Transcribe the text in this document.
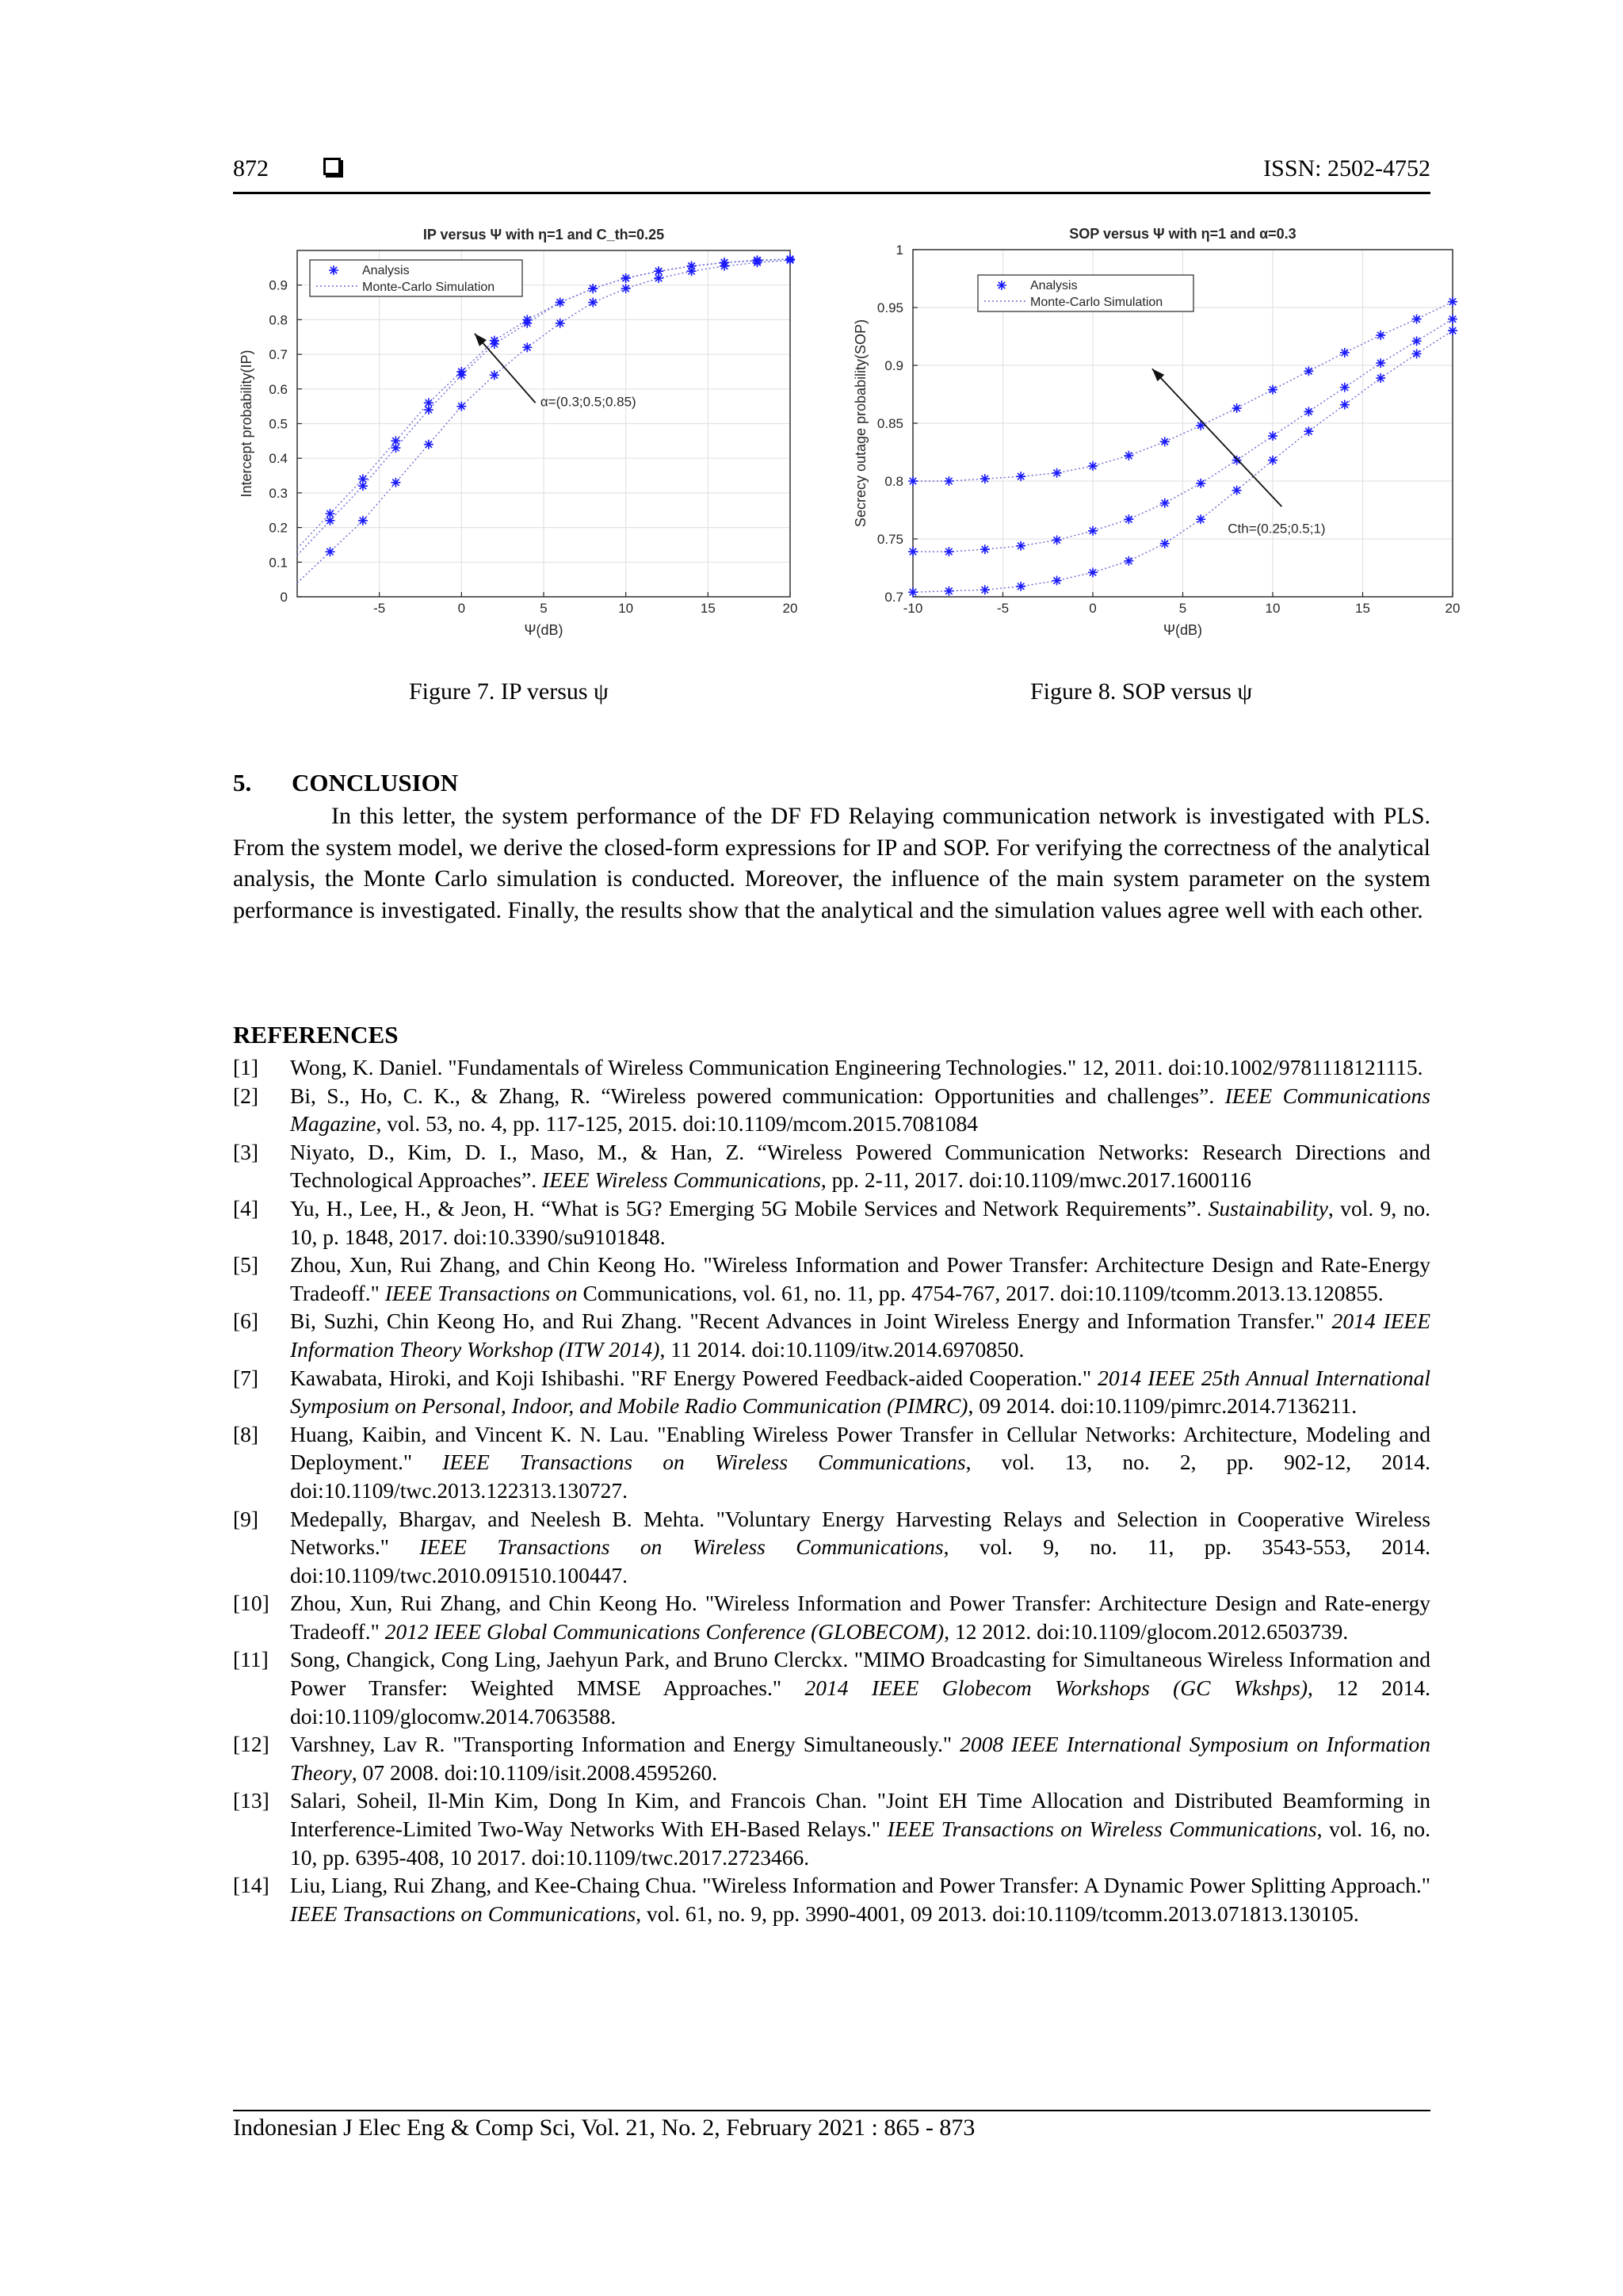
872	ISSN: 2502-4752
-5	0	5	10	15	20
0
0.1
0.2
0.3
0.4
0.5
0.6
0.7
0.8
0.9
Ψ(dB)
Intercept probability(IP)
IP versus Ψ with η=1 and C_th=0.25
Analysis
Monte-Carlo Simulation
α=(0.3;0.5;0.85)
-10	-5	0	5	10	15	20
0.7
0.75
0.8
0.85
0.9
0.95
1
Ψ(dB)
Secrecy outage probability(SOP)
SOP versus Ψ with η=1 and α=0.3
Analysis
Monte-Carlo Simulation
Cth=(0.25;0.5;1)
Figure 7. IP versus ψ	Figure 8. SOP versus ψ
5. CONCLUSION
In this letter, the system performance of the DF FD Relaying communication network is investigated with PLS. From the system model, we derive the closed-form expressions for IP and SOP. For verifying the correctness of the analytical analysis, the Monte Carlo simulation is conducted. Moreover, the influence of the main system parameter on the system performance is investigated. Finally, the results show that the analytical and the simulation values agree well with each other.
REFERENCES
[1]	Wong, K. Daniel. "Fundamentals of Wireless Communication Engineering Technologies." 12, 2011. doi:10.1002/9781118121115.
[2]	Bi, S., Ho, C. K., & Zhang, R. “Wireless powered communication: Opportunities and challenges”. IEEE Communications Magazine, vol. 53, no. 4, pp. 117-125, 2015. doi:10.1109/mcom.2015.7081084
[3]	Niyato, D., Kim, D. I., Maso, M., & Han, Z. “Wireless Powered Communication Networks: Research Directions and Technological Approaches”. IEEE Wireless Communications, pp. 2-11, 2017. doi:10.1109/mwc.2017.1600116
[4]	Yu, H., Lee, H., & Jeon, H. “What is 5G? Emerging 5G Mobile Services and Network Requirements”. Sustainability, vol. 9, no. 10, p. 1848, 2017. doi:10.3390/su9101848.
[5]	Zhou, Xun, Rui Zhang, and Chin Keong Ho. "Wireless Information and Power Transfer: Architecture Design and Rate-Energy Tradeoff." IEEE Transactions on Communications, vol. 61, no. 11, pp. 4754-767, 2017. doi:10.1109/tcomm.2013.13.120855.
[6]	Bi, Suzhi, Chin Keong Ho, and Rui Zhang. "Recent Advances in Joint Wireless Energy and Information Transfer." 2014 IEEE Information Theory Workshop (ITW 2014), 11 2014. doi:10.1109/itw.2014.6970850.
[7]	Kawabata, Hiroki, and Koji Ishibashi. "RF Energy Powered Feedback-aided Cooperation." 2014 IEEE 25th Annual International Symposium on Personal, Indoor, and Mobile Radio Communication (PIMRC), 09 2014. doi:10.1109/pimrc.2014.7136211.
[8]	Huang, Kaibin, and Vincent K. N. Lau. "Enabling Wireless Power Transfer in Cellular Networks: Architecture, Modeling and Deployment." IEEE Transactions on Wireless Communications, vol. 13, no. 2, pp. 902-12, 2014. doi:10.1109/twc.2013.122313.130727.
[9]	Medepally, Bhargav, and Neelesh B. Mehta. "Voluntary Energy Harvesting Relays and Selection in Cooperative Wireless Networks." IEEE Transactions on Wireless Communications, vol. 9, no. 11, pp. 3543-553, 2014. doi:10.1109/twc.2010.091510.100447.
[10] Zhou, Xun, Rui Zhang, and Chin Keong Ho. "Wireless Information and Power Transfer: Architecture Design and Rate-energy Tradeoff." 2012 IEEE Global Communications Conference (GLOBECOM), 12 2012. doi:10.1109/glocom.2012.6503739.
[11] Song, Changick, Cong Ling, Jaehyun Park, and Bruno Clerckx. "MIMO Broadcasting for Simultaneous Wireless Information and Power Transfer: Weighted MMSE Approaches." 2014 IEEE Globecom Workshops (GC Wkshps), 12 2014. doi:10.1109/glocomw.2014.7063588.
[12] Varshney, Lav R. "Transporting Information and Energy Simultaneously." 2008 IEEE International Symposium on Information Theory, 07 2008. doi:10.1109/isit.2008.4595260.
[13] Salari, Soheil, Il-Min Kim, Dong In Kim, and Francois Chan. "Joint EH Time Allocation and Distributed Beamforming in Interference-Limited Two-Way Networks With EH-Based Relays." IEEE Transactions on Wireless Communications, vol. 16, no. 10, pp. 6395-408, 10 2017. doi:10.1109/twc.2017.2723466.
[14] Liu, Liang, Rui Zhang, and Kee-Chaing Chua. "Wireless Information and Power Transfer: A Dynamic Power Splitting Approach." IEEE Transactions on Communications, vol. 61, no. 9, pp. 3990-4001, 09 2013. doi:10.1109/tcomm.2013.071813.130105.
Indonesian J Elec Eng & Comp Sci, Vol. 21, No. 2, February 2021 : 865 - 873
